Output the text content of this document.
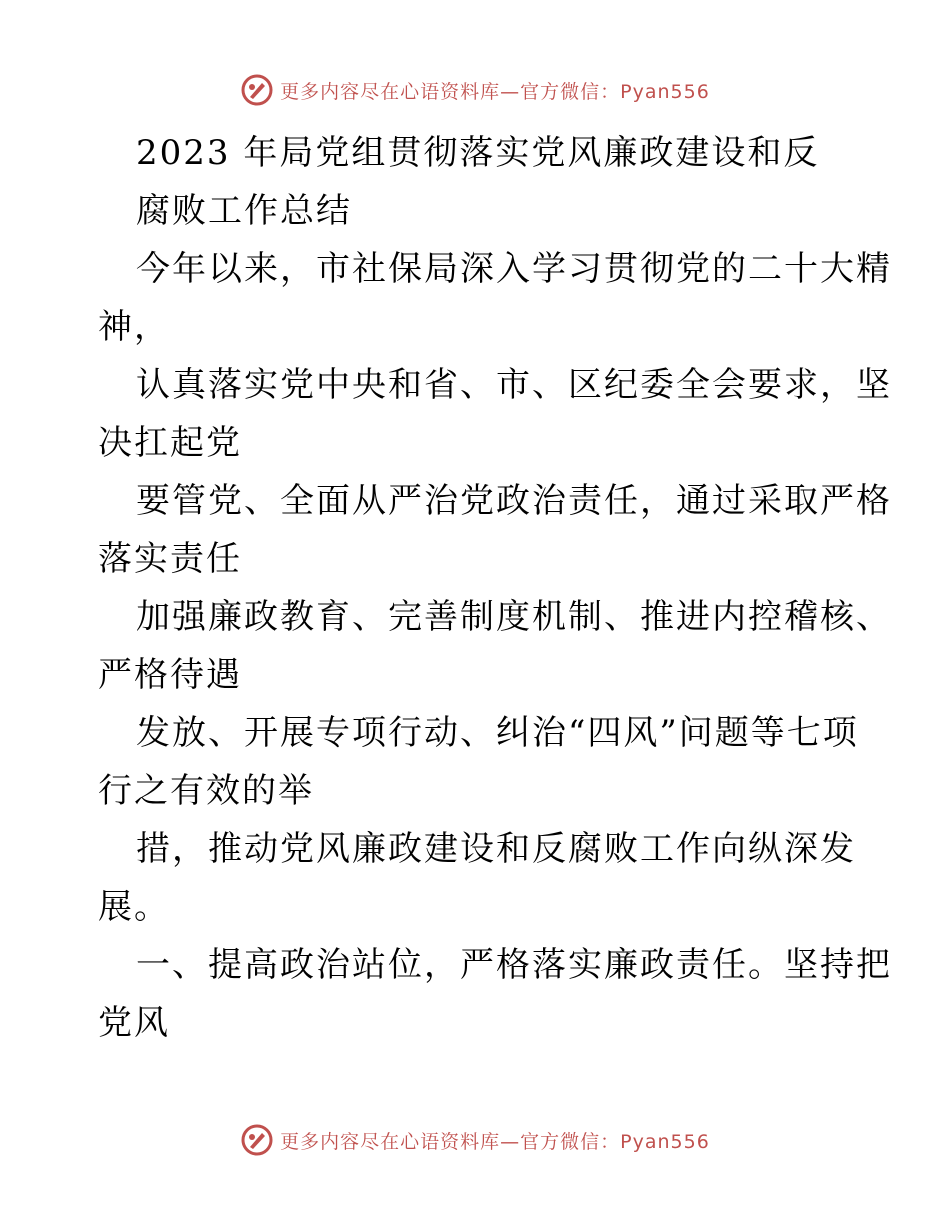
更多内容尽在心语资料库—官方微信：Pyan556
2023 年局党组贯彻落实党风廉政建设和反
腐败工作总结
今年以来，市社保局深入学习贯彻党的二十大精
神，
认真落实党中央和省、市、区纪委全会要求，坚
决扛起党
要管党、全面从严治党政治责任，通过采取严格
落实责任
加强廉政教育、完善制度机制、推进内控稽核、
严格待遇
发放、开展专项行动、纠治“四风”问题等七项
行之有效的举
措，推动党风廉政建设和反腐败工作向纵深发
展。
一、提高政治站位，严格落实廉政责任。坚持把
党风
更多内容尽在心语资料库—官方微信：Pyan556
